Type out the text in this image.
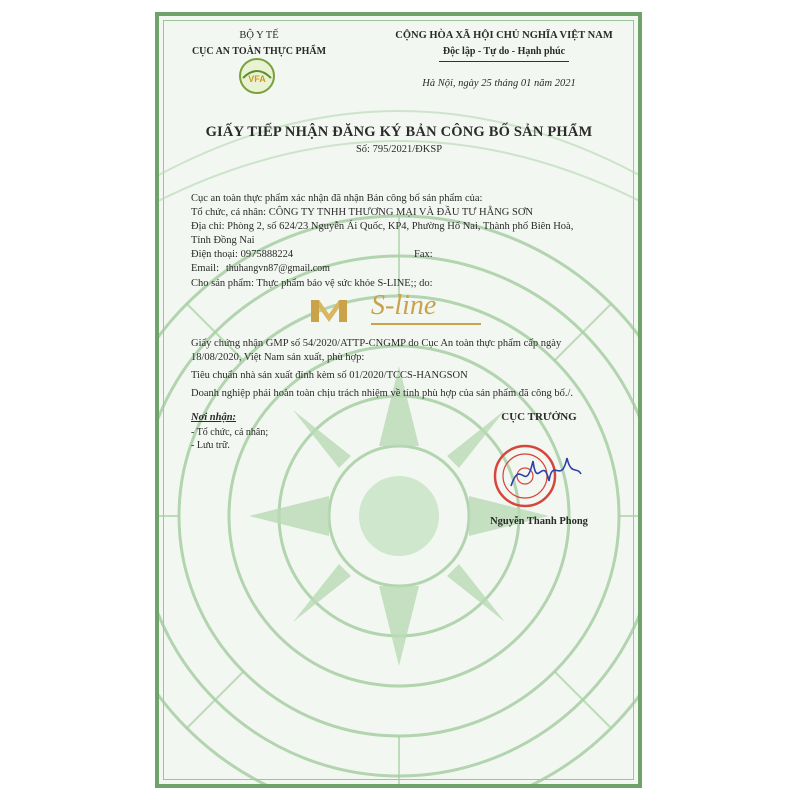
BỘ Y TẾ
CỤC AN TOÀN THỰC PHẨM
VFA
CỘNG HÒA XÃ HỘI CHỦ NGHĨA VIỆT NAM
Độc lập - Tự do - Hạnh phúc
Hà Nội, ngày 25 tháng 01 năm 2021
GIẤY TIẾP NHẬN ĐĂNG KÝ BẢN CÔNG BỐ SẢN PHẨM
Số: 795/2021/ĐKSP
Cục an toàn thực phẩm xác nhận đã nhận Bản công bố sản phẩm của:
Tổ chức, cá nhân: CÔNG TY TNHH THƯƠNG MẠI VÀ ĐẦU TƯ HẰNG SƠN
Địa chỉ: Phòng 2, số 624/23 Nguyễn Ái Quốc, KP4, Phường Hố Nai, Thành phố Biên Hoà,
Tỉnh Đồng Nai
Điện thoại: 0975888224	Fax:
Email: thuhangvn87@gmail.com
Cho sản phẩm: Thực phẩm bảo vệ sức khỏe S-LINE;; do:
S-line
Giấy chứng nhận GMP số 54/2020/ATTP-CNGMP do Cục An toàn thực phẩm cấp ngày
18/08/2020, Việt Nam sản xuất, phù hợp:
Tiêu chuẩn nhà sản xuất đính kèm số 01/2020/TCCS-HANGSON
Doanh nghiệp phải hoàn toàn chịu trách nhiệm về tính phù hợp của sản phẩm đã công bố./.
Nơi nhận:
- Tổ chức, cá nhân;
- Lưu trữ.
CỤC TRƯỞNG
Nguyễn Thanh Phong
